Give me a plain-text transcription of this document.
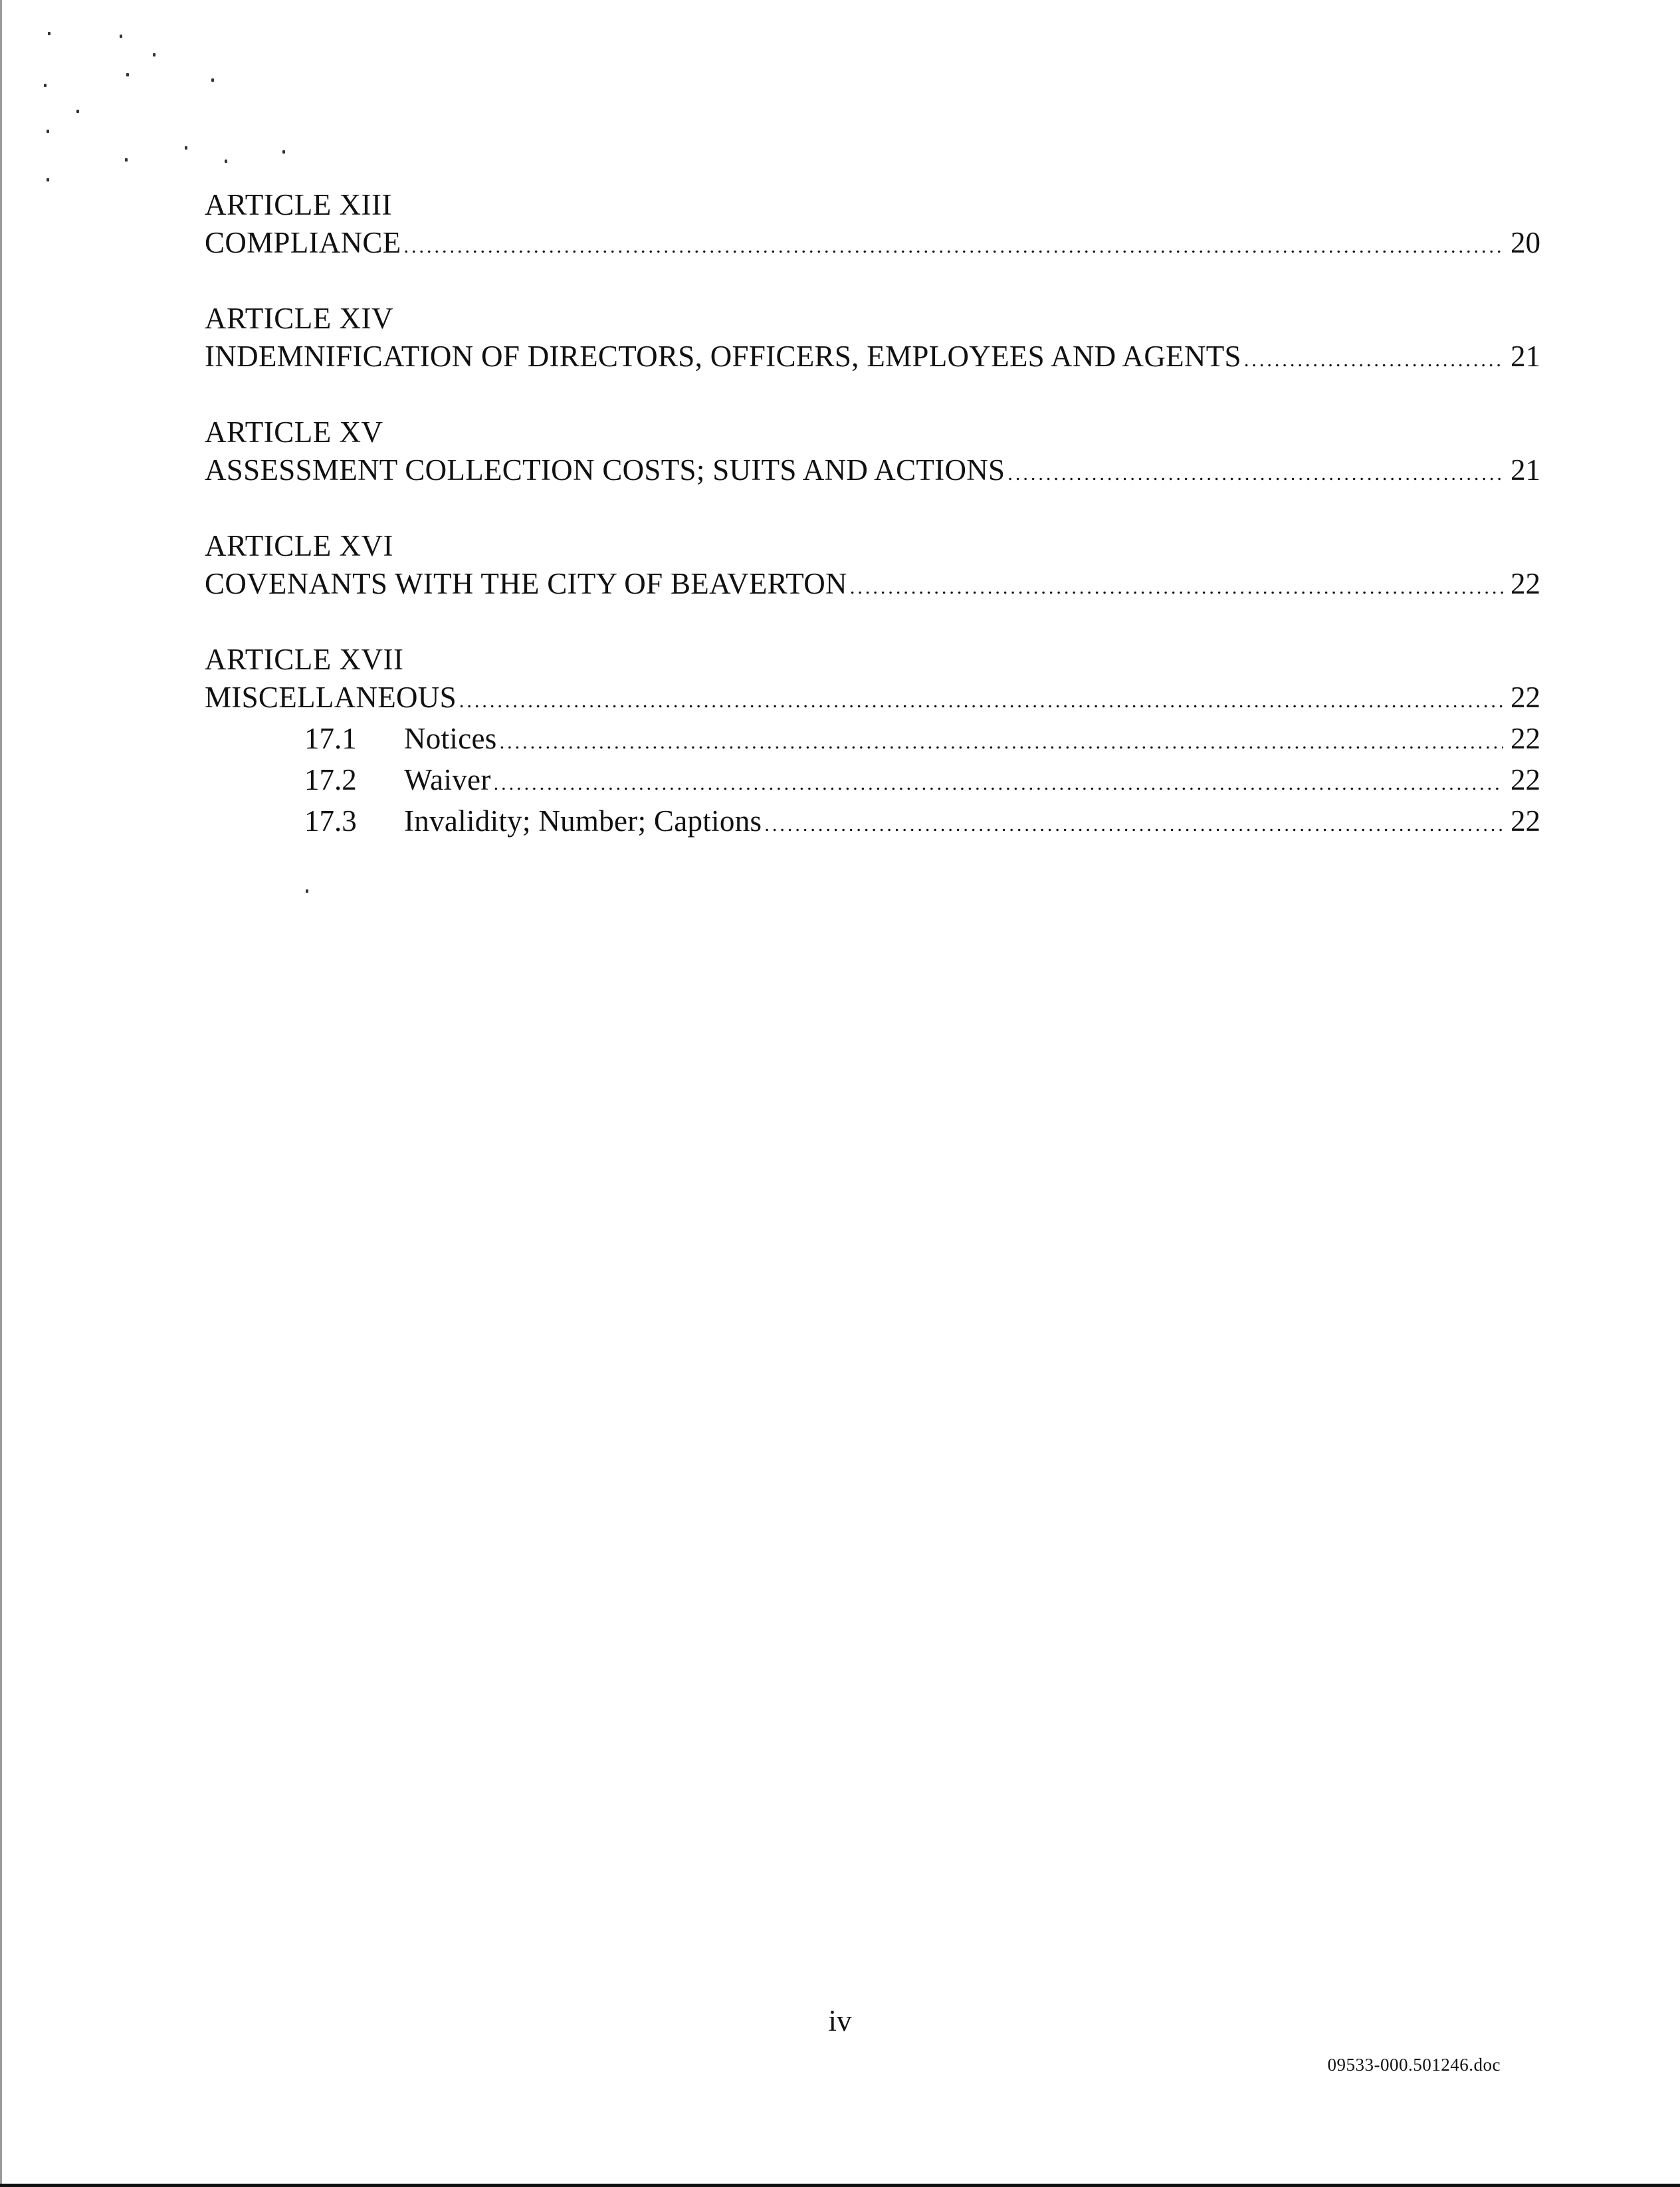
ARTICLE XIII
COMPLIANCE .....	20
ARTICLE XIV
INDEMNIFICATION OF DIRECTORS, OFFICERS, EMPLOYEES AND AGENTS .....	21
ARTICLE XV
ASSESSMENT COLLECTION COSTS; SUITS AND ACTIONS .....	21
ARTICLE XVI
COVENANTS WITH THE CITY OF BEAVERTON .....	22
ARTICLE XVII
MISCELLANEOUS .....	22
17.1	Notices .....	22
17.2	Waiver .....	22
17.3	Invalidity; Number; Captions .....	22
iv
09533-000.501246.doc
